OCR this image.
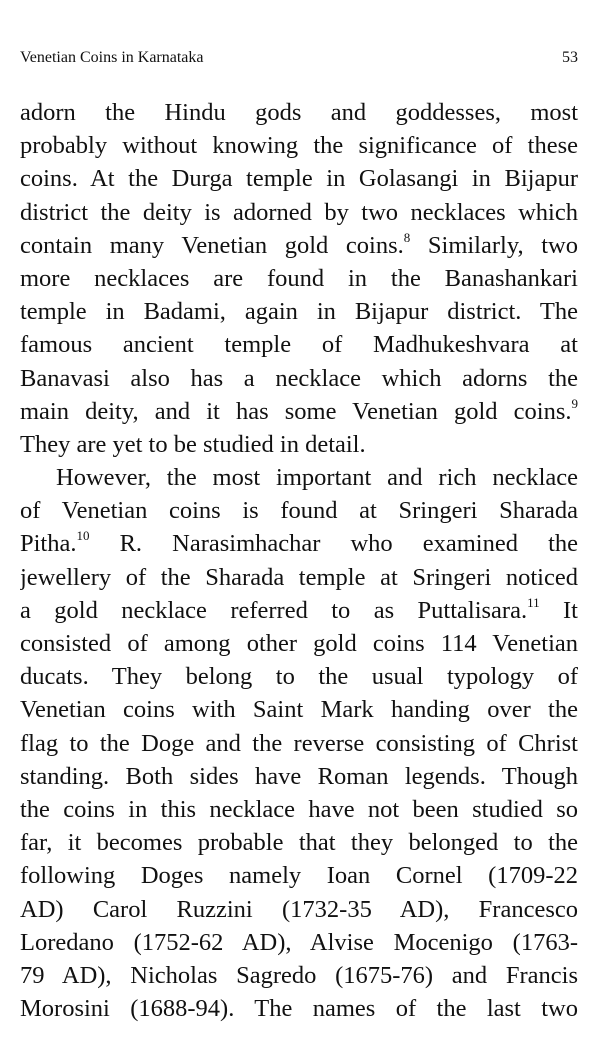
Venetian Coins in Karnataka	53
adorn the Hindu gods and goddesses, most
probably without knowing the significance of these
coins. At the Durga temple in Golasangi in Bijapur
district the deity is adorned by two necklaces which
contain many Venetian gold coins.$^8$ Similarly, two
more necklaces are found in the Banashankari
temple in Badami, again in Bijapur district. The
famous ancient temple of Madhukeshvara at
Banavasi also has a necklace which adorns the
main deity, and it has some Venetian gold coins.$^9$
They are yet to be studied in detail.
However, the most important and rich necklace
of Venetian coins is found at Sringeri Sharada
Pitha.$^{10}$ R. Narasimhachar who examined the
jewellery of the Sharada temple at Sringeri noticed
a gold necklace referred to as Puttalisara.$^{11}$ It
consisted of among other gold coins 114 Venetian
ducats. They belong to the usual typology of
Venetian coins with Saint Mark handing over the
flag to the Doge and the reverse consisting of Christ
standing. Both sides have Roman legends. Though
the coins in this necklace have not been studied so
far, it becomes probable that they belonged to the
following Doges namely Ioan Cornel (1709-22
AD) Carol Ruzzini (1732-35 AD), Francesco
Loredano (1752-62 AD), Alvise Mocenigo (1763-
79 AD), Nicholas Sagredo (1675-76) and Francis
Morosini (1688-94). The names of the last two
